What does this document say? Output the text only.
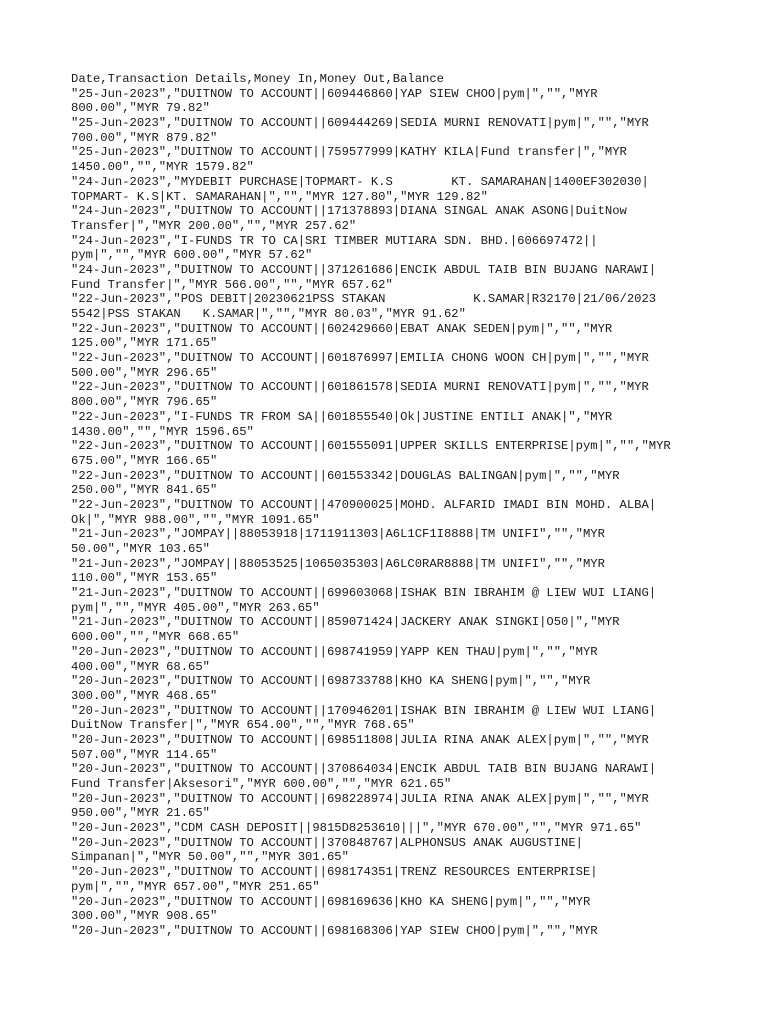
Date,Transaction Details,Money In,Money Out,Balance
"25-Jun-2023","DUITNOW TO ACCOUNT||609446860|YAP SIEW CHOO|pym|","","MYR
800.00","MYR 79.82"
"25-Jun-2023","DUITNOW TO ACCOUNT||609444269|SEDIA MURNI RENOVATI|pym|","","MYR
700.00","MYR 879.82"
"25-Jun-2023","DUITNOW TO ACCOUNT||759577999|KATHY KILA|Fund transfer|","MYR
1450.00","","MYR 1579.82"
"24-Jun-2023","MYDEBIT PURCHASE|TOPMART- K.S        KT. SAMARAHAN|1400EF302030|
TOPMART- K.S|KT. SAMARAHAN|","","MYR 127.80","MYR 129.82"
"24-Jun-2023","DUITNOW TO ACCOUNT||171378893|DIANA SINGAL ANAK ASONG|DuitNow
Transfer|","MYR 200.00","","MYR 257.62"
"24-Jun-2023","I-FUNDS TR TO CA|SRI TIMBER MUTIARA SDN. BHD.|606697472||
pym|","","MYR 600.00","MYR 57.62"
"24-Jun-2023","DUITNOW TO ACCOUNT||371261686|ENCIK ABDUL TAIB BIN BUJANG NARAWI|
Fund Transfer|","MYR 566.00","","MYR 657.62"
"22-Jun-2023","POS DEBIT|20230621PSS STAKAN            K.SAMAR|R32170|21/06/2023
5542|PSS STAKAN   K.SAMAR|","","MYR 80.03","MYR 91.62"
"22-Jun-2023","DUITNOW TO ACCOUNT||602429660|EBAT ANAK SEDEN|pym|","","MYR
125.00","MYR 171.65"
"22-Jun-2023","DUITNOW TO ACCOUNT||601876997|EMILIA CHONG WOON CH|pym|","","MYR
500.00","MYR 296.65"
"22-Jun-2023","DUITNOW TO ACCOUNT||601861578|SEDIA MURNI RENOVATI|pym|","","MYR
800.00","MYR 796.65"
"22-Jun-2023","I-FUNDS TR FROM SA||601855540|Ok|JUSTINE ENTILI ANAK|","MYR
1430.00","","MYR 1596.65"
"22-Jun-2023","DUITNOW TO ACCOUNT||601555091|UPPER SKILLS ENTERPRISE|pym|","","MYR
675.00","MYR 166.65"
"22-Jun-2023","DUITNOW TO ACCOUNT||601553342|DOUGLAS BALINGAN|pym|","","MYR
250.00","MYR 841.65"
"22-Jun-2023","DUITNOW TO ACCOUNT||470900025|MOHD. ALFARID IMADI BIN MOHD. ALBA|
Ok|","MYR 988.00","","MYR 1091.65"
"21-Jun-2023","JOMPAY||88053918|1711911303|A6L1CF1I8888|TM UNIFI","","MYR
50.00","MYR 103.65"
"21-Jun-2023","JOMPAY||88053525|1065035303|A6LC0RAR8888|TM UNIFI","","MYR
110.00","MYR 153.65"
"21-Jun-2023","DUITNOW TO ACCOUNT||699603068|ISHAK BIN IBRAHIM @ LIEW WUI LIANG|
pym|","","MYR 405.00","MYR 263.65"
"21-Jun-2023","DUITNOW TO ACCOUNT||859071424|JACKERY ANAK SINGKI|O50|","MYR
600.00","","MYR 668.65"
"20-Jun-2023","DUITNOW TO ACCOUNT||698741959|YAPP KEN THAU|pym|","","MYR
400.00","MYR 68.65"
"20-Jun-2023","DUITNOW TO ACCOUNT||698733788|KHO KA SHENG|pym|","","MYR
300.00","MYR 468.65"
"20-Jun-2023","DUITNOW TO ACCOUNT||170946201|ISHAK BIN IBRAHIM @ LIEW WUI LIANG|
DuitNow Transfer|","MYR 654.00","","MYR 768.65"
"20-Jun-2023","DUITNOW TO ACCOUNT||698511808|JULIA RINA ANAK ALEX|pym|","","MYR
507.00","MYR 114.65"
"20-Jun-2023","DUITNOW TO ACCOUNT||370864034|ENCIK ABDUL TAIB BIN BUJANG NARAWI|
Fund Transfer|Aksesori","MYR 600.00","","MYR 621.65"
"20-Jun-2023","DUITNOW TO ACCOUNT||698228974|JULIA RINA ANAK ALEX|pym|","","MYR
950.00","MYR 21.65"
"20-Jun-2023","CDM CASH DEPOSIT||9815D8253610|||","MYR 670.00","","MYR 971.65"
"20-Jun-2023","DUITNOW TO ACCOUNT||370848767|ALPHONSUS ANAK AUGUSTINE|
Simpanan|","MYR 50.00","","MYR 301.65"
"20-Jun-2023","DUITNOW TO ACCOUNT||698174351|TRENZ RESOURCES ENTERPRISE|
pym|","","MYR 657.00","MYR 251.65"
"20-Jun-2023","DUITNOW TO ACCOUNT||698169636|KHO KA SHENG|pym|","","MYR
300.00","MYR 908.65"
"20-Jun-2023","DUITNOW TO ACCOUNT||698168306|YAP SIEW CHOO|pym|","","MYR
